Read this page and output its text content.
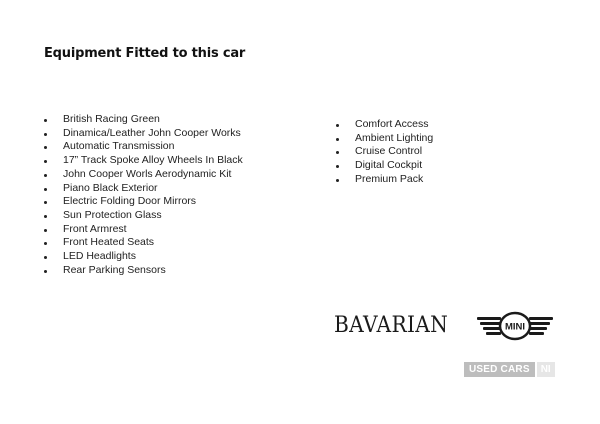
Equipment Fitted to this car
British Racing Green
Dinamica/Leather John Cooper Works
Automatic Transmission
17” Track Spoke Alloy Wheels In Black
John Cooper Worls Aerodynamic Kit
Piano Black Exterior
Electric Folding Door Mirrors
Sun Protection Glass
Front Armrest
Front Heated Seats
LED Headlights
Rear Parking Sensors
Comfort Access
Ambient Lighting
Cruise Control
Digital Cockpit
Premium Pack
BAVARIAN	MINI
USED CARS	NI
